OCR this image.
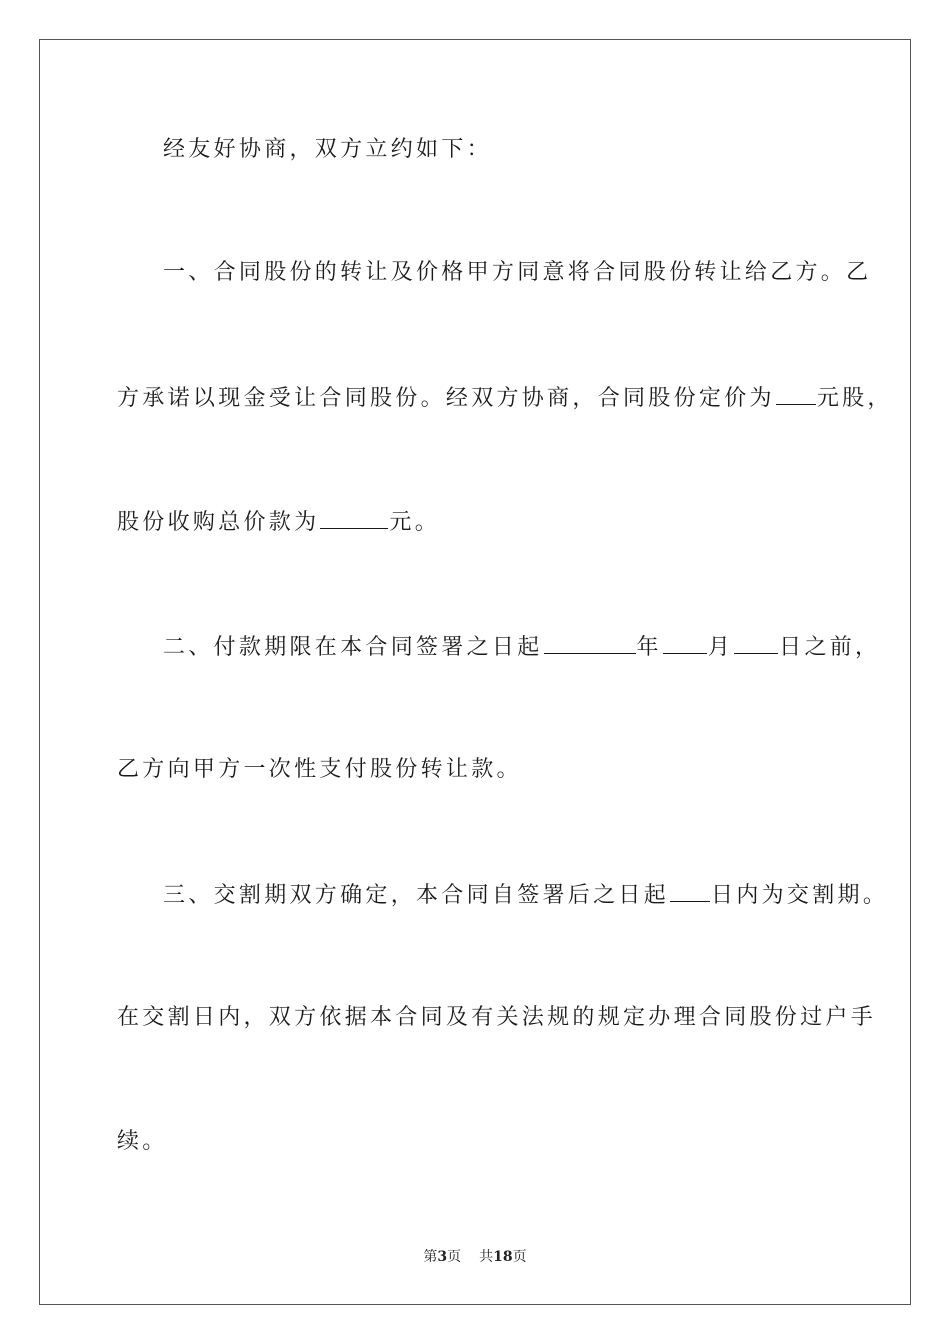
经友好协商，双方立约如下：
一、合同股份的转让及价格甲方同意将合同股份转让给乙方。乙
方承诺以现金受让合同股份。经双方协商，合同股份定价为 元股，
股份收购总价款为	元。
二、付款期限在本合同签署之日起	年 月 日之前，
乙方向甲方一次性支付股份转让款。
三、交割期双方确定，本合同自签署后之日起 日内为交割期。
在交割日内，双方依据本合同及有关法规的规定办理合同股份过户手
续。
第3页 共18页
